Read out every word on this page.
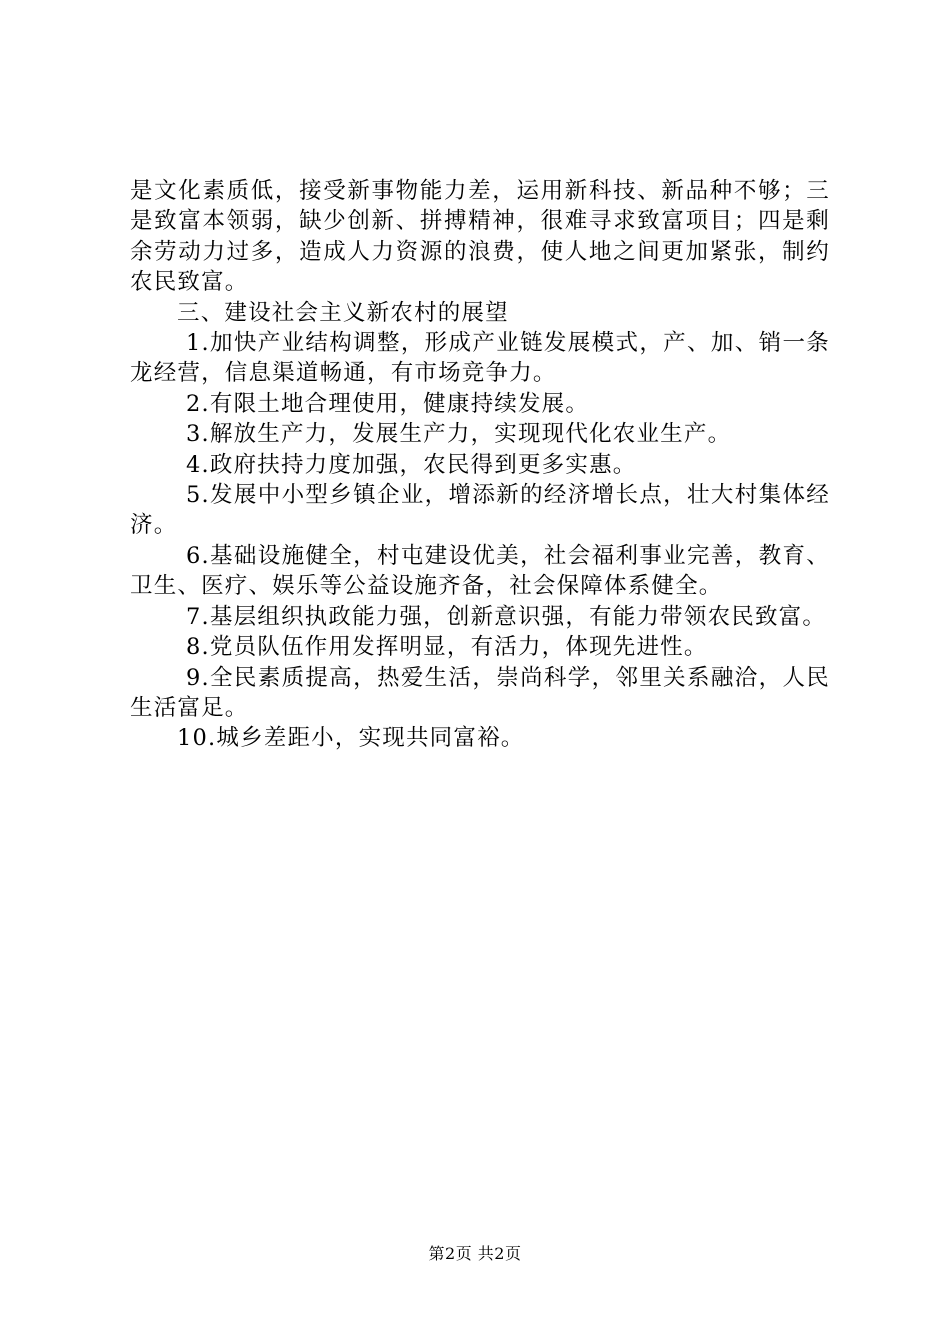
是文化素质低，接受新事物能力差，运用新科技、新品种不够；三是致富本领弱，缺少创新、拼搏精神，很难寻求致富项目；四是剩余劳动力过多，造成人力资源的浪费，使人地之间更加紧张，制约农民致富。

三、建设社会主义新农村的展望

1.加快产业结构调整，形成产业链发展模式，产、加、销一条龙经营，信息渠道畅通，有市场竞争力。

2.有限土地合理使用，健康持续发展。

3.解放生产力，发展生产力，实现现代化农业生产。

4.政府扶持力度加强，农民得到更多实惠。

5.发展中小型乡镇企业，增添新的经济增长点，壮大村集体经济。

6.基础设施健全，村屯建设优美，社会福利事业完善，教育、卫生、医疗、娱乐等公益设施齐备，社会保障体系健全。

7.基层组织执政能力强，创新意识强，有能力带领农民致富。

8.党员队伍作用发挥明显，有活力，体现先进性。

9.全民素质提高，热爱生活，崇尚科学，邻里关系融洽，人民生活富足。

10.城乡差距小，实现共同富裕。

第2页 共2页
